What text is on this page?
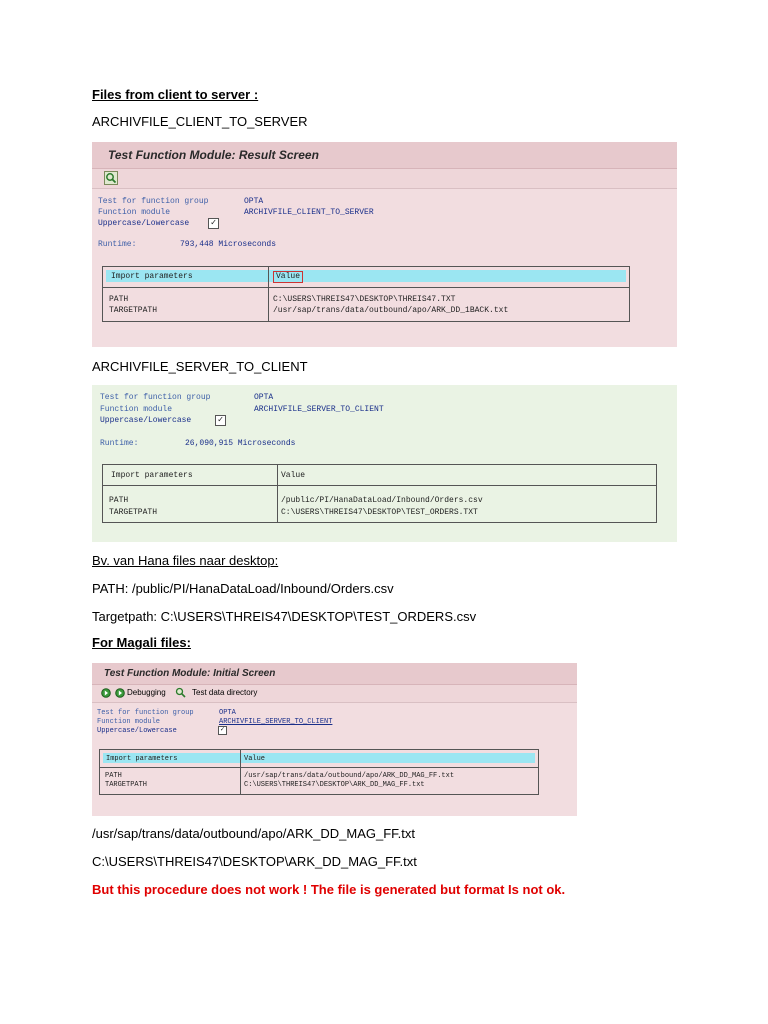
Files from client to server :
ARCHIVFILE_CLIENT_TO_SERVER
Test Function Module: Result Screen
Test for function group	OPTA
Function module	ARCHIVFILE_CLIENT_TO_SERVER
Uppercase/Lowercase	✓
Runtime:	793,448 Microseconds
Import parameters	Value
PATH	C:\USERS\THREIS47\DESKTOP\THREIS47.TXT
TARGETPATH	/usr/sap/trans/data/outbound/apo/ARK_DD_1BACK.txt
ARCHIVFILE_SERVER_TO_CLIENT
Test for function group	OPTA
Function module	ARCHIVFILE_SERVER_TO_CLIENT
Uppercase/Lowercase	✓
Runtime:	26,090,915 Microseconds
Import parameters	Value
PATH	/public/PI/HanaDataLoad/Inbound/Orders.csv
TARGETPATH	C:\USERS\THREIS47\DESKTOP\TEST_ORDERS.TXT
Bv. van Hana files naar desktop:
PATH: /public/PI/HanaDataLoad/Inbound/Orders.csv
Targetpath: C:\USERS\THREIS47\DESKTOP\TEST_ORDERS.csv
For Magali files:
Test Function Module: Initial Screen
Debugging	Test data directory
Test for function group	OPTA
Function module	ARCHIVFILE_SERVER_TO_CLIENT
Uppercase/Lowercase	✓
Import parameters	Value
PATH	/usr/sap/trans/data/outbound/apo/ARK_DD_MAG_FF.txt
TARGETPATH	C:\USERS\THREIS47\DESKTOP\ARK_DD_MAG_FF.txt
/usr/sap/trans/data/outbound/apo/ARK_DD_MAG_FF.txt
C:\USERS\THREIS47\DESKTOP\ARK_DD_MAG_FF.txt
But this procedure does not work ! The file is generated but format Is not ok.
